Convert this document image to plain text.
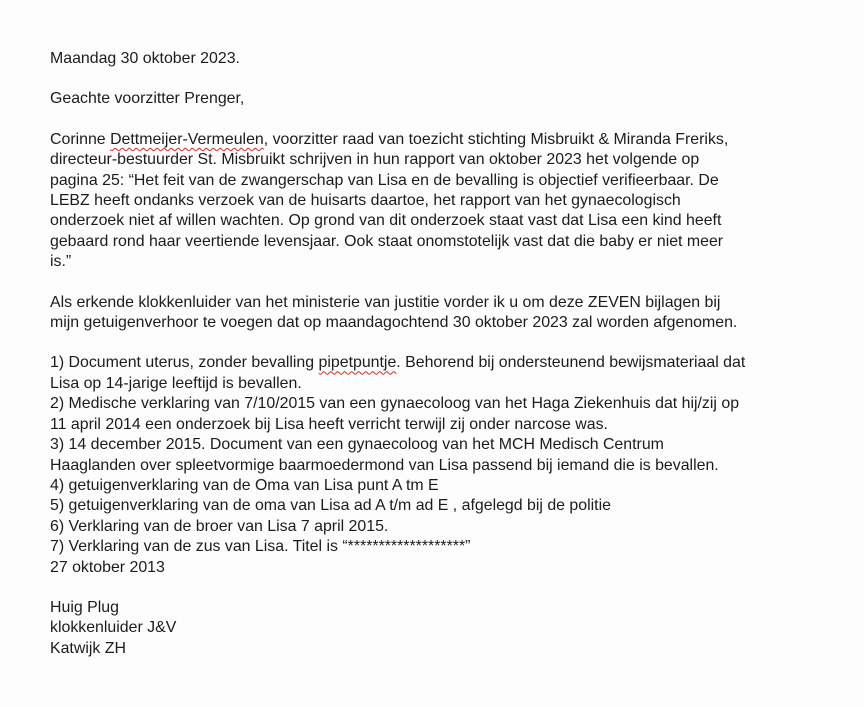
Maandag 30 oktober 2023.

Geachte voorzitter Prenger,

Corinne Dettmeijer-Vermeulen, voorzitter raad van toezicht stichting Misbruikt & Miranda Freriks,
directeur-bestuurder St. Misbruikt schrijven in hun rapport van oktober 2023 het volgende op
pagina 25: “Het feit van de zwangerschap van Lisa en de bevalling is objectief verifieerbaar. De
LEBZ heeft ondanks verzoek van de huisarts daartoe, het rapport van het gynaecologisch
onderzoek niet af willen wachten. Op grond van dit onderzoek staat vast dat Lisa een kind heeft
gebaard rond haar veertiende levensjaar. Ook staat onomstotelijk vast dat die baby er niet meer
is.”

Als erkende klokkenluider van het ministerie van justitie vorder ik u om deze ZEVEN bijlagen bij
mijn getuigenverhoor te voegen dat op maandagochtend 30 oktober 2023 zal worden afgenomen.

1) Document uterus, zonder bevalling pipetpuntje. Behorend bij ondersteunend bewijsmateriaal dat
Lisa op 14-jarige leeftijd is bevallen.
2) Medische verklaring van 7/10/2015 van een gynaecoloog van het Haga Ziekenhuis dat hij/zij op
11 april 2014 een onderzoek bij Lisa heeft verricht terwijl zij onder narcose was.
3) 14 december 2015. Document van een gynaecoloog van het MCH Medisch Centrum
Haaglanden over spleetvormige baarmoedermond van Lisa passend bij iemand die is bevallen.
4) getuigenverklaring van de Oma van Lisa punt A tm E
5) getuigenverklaring van de oma van Lisa ad A t/m ad E , afgelegd bij de politie
6) Verklaring van de broer van Lisa 7 april 2015.
7) Verklaring van de zus van Lisa. Titel is “*******************”
27 oktober 2013
Huig Plug
klokkenluider J&V
Katwijk ZH
